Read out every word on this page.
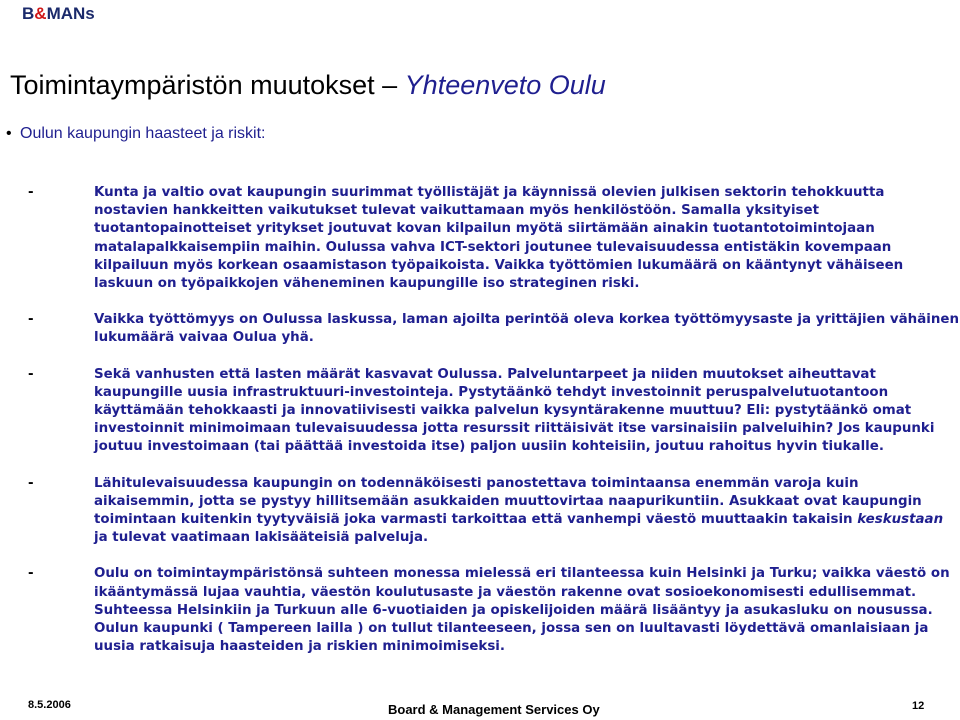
B&MANs
Toimintaympäristön muutokset – Yhteenveto Oulu
• Oulun kaupungin haasteet ja riskit:
-	Kunta ja valtio ovat kaupungin suurimmat työllistäjät ja käynnissä olevien julkisen sektorin tehokkuutta nostavien hankkeitten vaikutukset tulevat vaikuttamaan myös henkilöstöön. Samalla yksityiset tuotantopainotteiset yritykset joutuvat kovan kilpailun myötä siirtämään ainakin tuotantotoimintojaan matalapalkkaisempiin maihin. Oulussa vahva ICT-sektori joutunee tulevaisuudessa entistäkin kovempaan kilpailuun myös korkean osaamistason työpaikoista. Vaikka työttömien lukumäärä on kääntynyt vähäiseen laskuun on työpaikkojen väheneminen kaupungille iso strateginen riski.
-	Vaikka työttömyys on Oulussa laskussa, laman ajoilta perintöä oleva korkea työttömyysaste ja yrittäjien vähäinen lukumäärä vaivaa Oulua yhä.
-	Sekä vanhusten että lasten määrät kasvavat Oulussa. Palveluntarpeet ja niiden muutokset aiheuttavat kaupungille uusia infrastruktuuri-investointeja. Pystytäänkö tehdyt investoinnit peruspalvelutuotantoon käyttämään tehokkaasti ja innovatiivisesti vaikka palvelun kysyntärakenne muuttuu? Eli: pystytäänkö omat investoinnit minimoimaan tulevaisuudessa jotta resurssit riittäisivät itse varsinaisiin palveluihin? Jos kaupunki joutuu investoimaan (tai päättää investoida itse) paljon uusiin kohteisiin, joutuu rahoitus hyvin tiukalle.
-	Lähitulevaisuudessa kaupungin on todennäköisesti panostettava toimintaansa enemmän varoja kuin aikaisemmin, jotta se pystyy hillitsemään asukkaiden muuttovirtaa naapurikuntiin. Asukkaat ovat kaupungin toimintaan kuitenkin tyytyväisiä joka varmasti tarkoittaa että vanhempi väestö muuttaakin takaisin keskustaan ja tulevat vaatimaan lakisääteisiä palveluja.
-	Oulu on toimintaympäristönsä suhteen monessa mielessä eri tilanteessa kuin Helsinki ja Turku; vaikka väestö on ikääntymässä lujaa vauhtia, väestön koulutusaste ja väestön rakenne ovat sosioekonomisesti edullisemmat. Suhteessa Helsinkiin ja Turkuun alle 6-vuotiaiden ja opiskelijoiden määrä lisääntyy ja asukasluku on nousussa. Oulun kaupunki ( Tampereen lailla ) on tullut tilanteeseen, jossa sen on luultavasti löydettävä omanlaisiaan ja uusia ratkaisuja haasteiden ja riskien minimoimiseksi.
8.5.2006	Board & Management Services Oy	12
